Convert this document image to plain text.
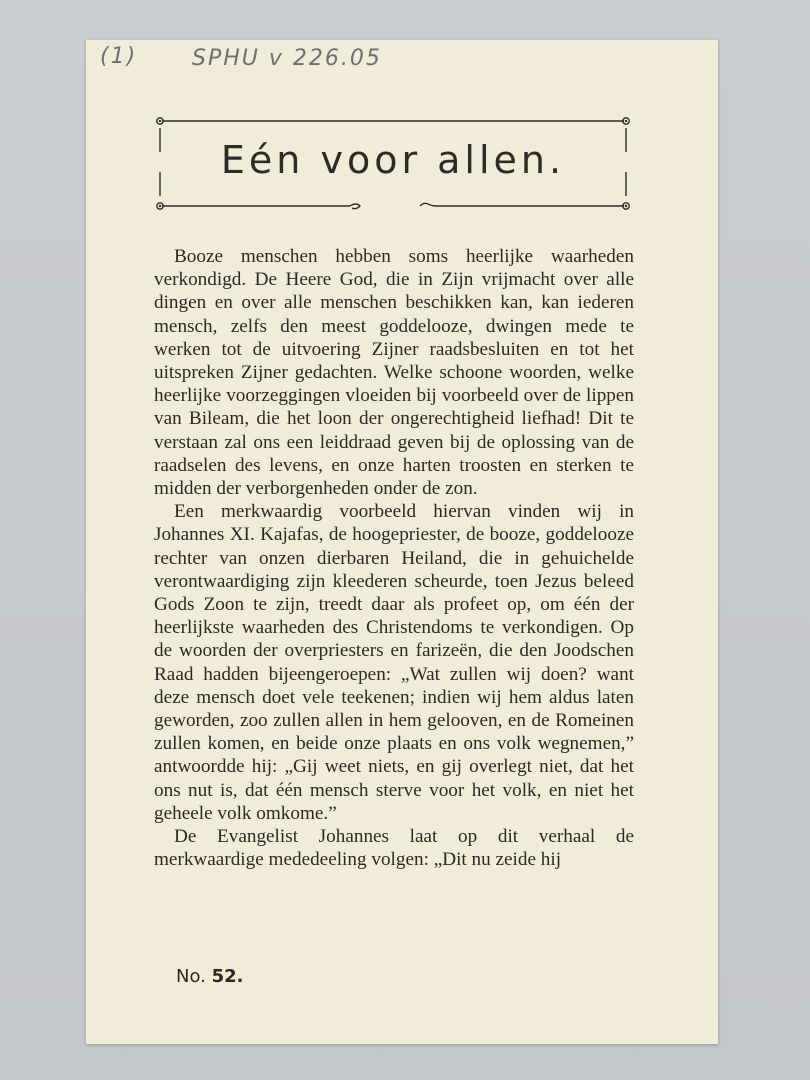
(1) SPHU v 226.05
Eén voor allen.

Booze menschen hebben soms heerlijke waarheden verkondigd. De Heere God, die in Zijn vrijmacht over alle dingen en over alle menschen beschikken kan, kan iederen mensch, zelfs den meest goddelooze, dwingen mede te werken tot de uitvoering Zijner raadsbesluiten en tot het uitspreken Zijner gedachten. Welke schoone woorden, welke heerlijke voorzeggingen vloeiden bij voorbeeld over de lippen van Bileam, die het loon der ongerechtigheid liefhad! Dit te verstaan zal ons een leiddraad geven bij de oplossing van de raadselen des levens, en onze harten troosten en sterken te midden der verborgenheden onder de zon.

Een merkwaardig voorbeeld hiervan vinden wij in Johannes XI. Kajafas, de hoogepriester, de booze, goddelooze rechter van onzen dierbaren Heiland, die in gehuichelde verontwaardiging zijn kleederen scheurde, toen Jezus beleed Gods Zoon te zijn, treedt daar als profeet op, om één der heerlijkste waarheden des Christendoms te verkondigen. Op de woorden der overpriesters en farizeën, die den Joodschen Raad hadden bijeengeroepen: „Wat zullen wij doen? want deze mensch doet vele teekenen; indien wij hem aldus laten geworden, zoo zullen allen in hem gelooven, en de Romeinen zullen komen, en beide onze plaats en ons volk wegnemen,” antwoordde hij: „Gij weet niets, en gij overlegt niet, dat het ons nut is, dat één mensch sterve voor het volk, en niet het geheele volk omkome.”

De Evangelist Johannes laat op dit verhaal de merkwaardige mededeeling volgen: „Dit nu zeide hij

No. 52.
